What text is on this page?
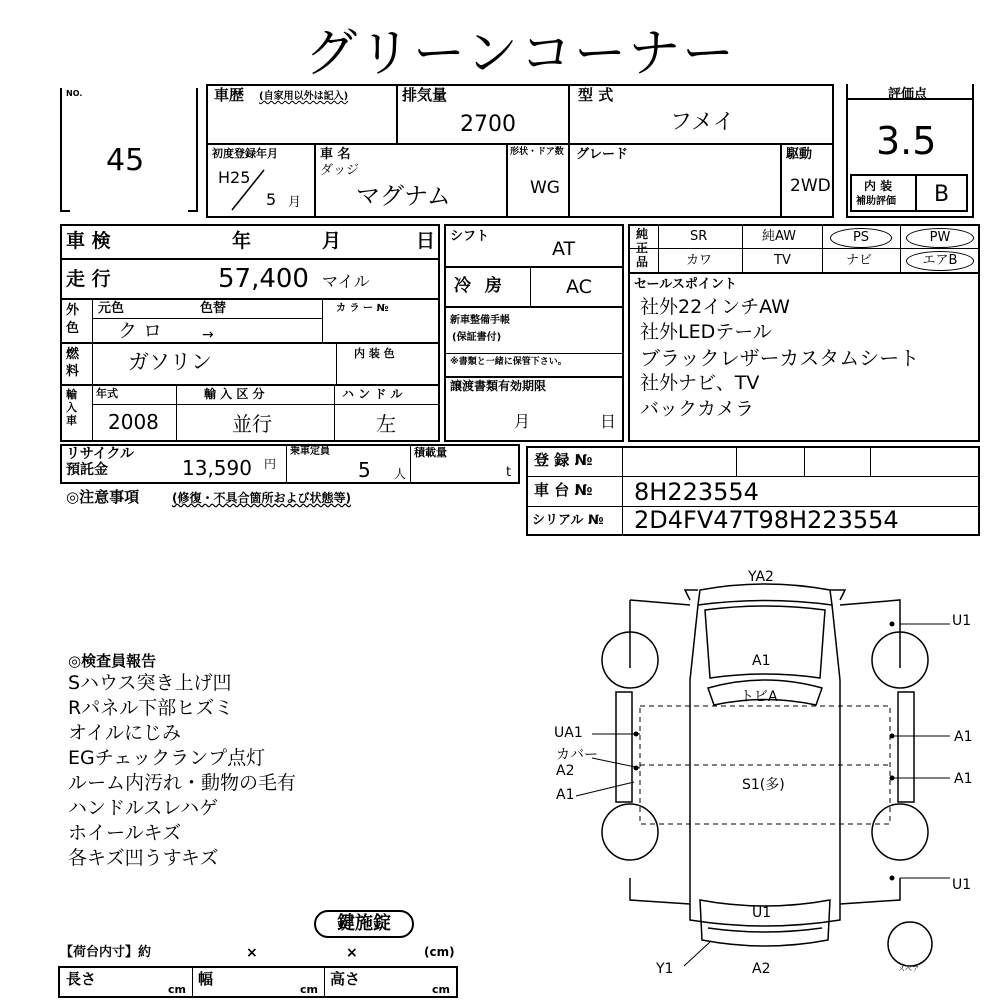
グリーンコーナー
NO.
45
車歴 (自家用以外は記入)	排気量
2700
型 式
フメイ
初度登録年月
H25
5 月
車 名
ダッジ
マグナム
形状・ドア数
WG
グレード	駆動
2WD
評価点
3.5
内 装
補助評価 B
車 検	年	月	日
走 行	57,400 マイル
外色
元色	色替
クロ →
カ ラ ー №
燃料 ガソリン	内 装 色
輸入車
年式
2008
輸 入 区 分
並行
ハ ン ド ル
左
リサイクル
預託金	13,590 円
乗車定員
5 人
積載量
t
◎注意事項	(修復・不具合箇所および状態等)
シフト
AT
冷 房	AC
新車整備手帳
(保証書付)
※書類と一緒に保管下さい。
譲渡書類有効期限
月	日
純正品
SR	純AW	PS	PW
カワ	TV	ナビ	エアB
セールスポイント
社外22インチAW
社外LEDテール
ブラックレザーカスタムシート
社外ナビ、TV
バックカメラ
登 録 №
車 台 № 8H223554
シリアル № 2D4FV47T98H223554
◎検査員報告
Sハウス突き上げ凹
Rパネル下部ヒズミ
オイルにじみ
EGチェックランプ点灯
ルーム内汚れ・動物の毛有
ハンドルスレハゲ
ホイールキズ
各キズ凹うすキズ
鍵施錠
【荷台内寸】約	×	×	(cm)
長さ
cm
幅
cm
高さ
cm
YA2
A1
トビA
S1(多)
U1
A2
Y1
UA1
カバー
A2
A1
U1
A1
A1
U1
スペア
